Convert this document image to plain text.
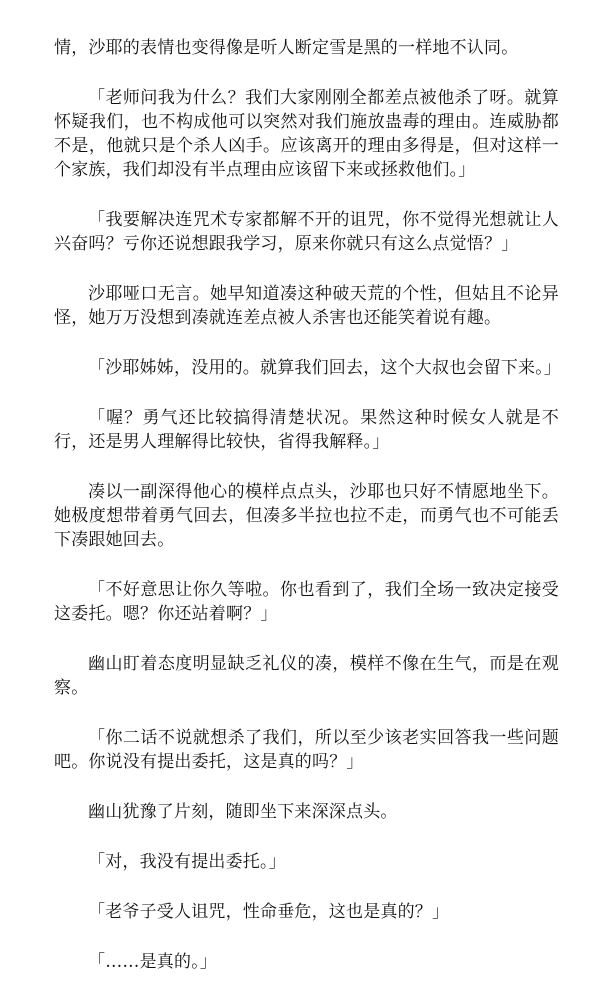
情，沙耶的表情也变得像是听人断定雪是黑的一样地不认同。

「老师问我为什么？我们大家刚刚全都差点被他杀了呀。就算怀疑我们，也不构成他可以突然对我们施放蛊毒的理由。连威胁都不是，他就只是个杀人凶手。应该离开的理由多得是，但对这样一个家族，我们却没有半点理由应该留下来或拯救他们。」

「我要解决连咒术专家都解不开的诅咒，你不觉得光想就让人兴奋吗？亏你还说想跟我学习，原来你就只有这么点觉悟？」

沙耶哑口无言。她早知道凑这种破天荒的个性，但姑且不论异怪，她万万没想到凑就连差点被人杀害也还能笑着说有趣。

「沙耶姊姊，没用的。就算我们回去，这个大叔也会留下来。」

「喔？勇气还比较搞得清楚状况。果然这种时候女人就是不行，还是男人理解得比较快，省得我解释。」

凑以一副深得他心的模样点点头，沙耶也只好不情愿地坐下。她极度想带着勇气回去，但凑多半拉也拉不走，而勇气也不可能丢下凑跟她回去。

「不好意思让你久等啦。你也看到了，我们全场一致决定接受这委托。嗯？你还站着啊？」

幽山盯着态度明显缺乏礼仪的凑，模样不像在生气，而是在观察。

「你二话不说就想杀了我们，所以至少该老实回答我一些问题吧。你说没有提出委托，这是真的吗？」

幽山犹豫了片刻，随即坐下来深深点头。

「对，我没有提出委托。」

「老爷子受人诅咒，性命垂危，这也是真的？」

「……是真的。」
